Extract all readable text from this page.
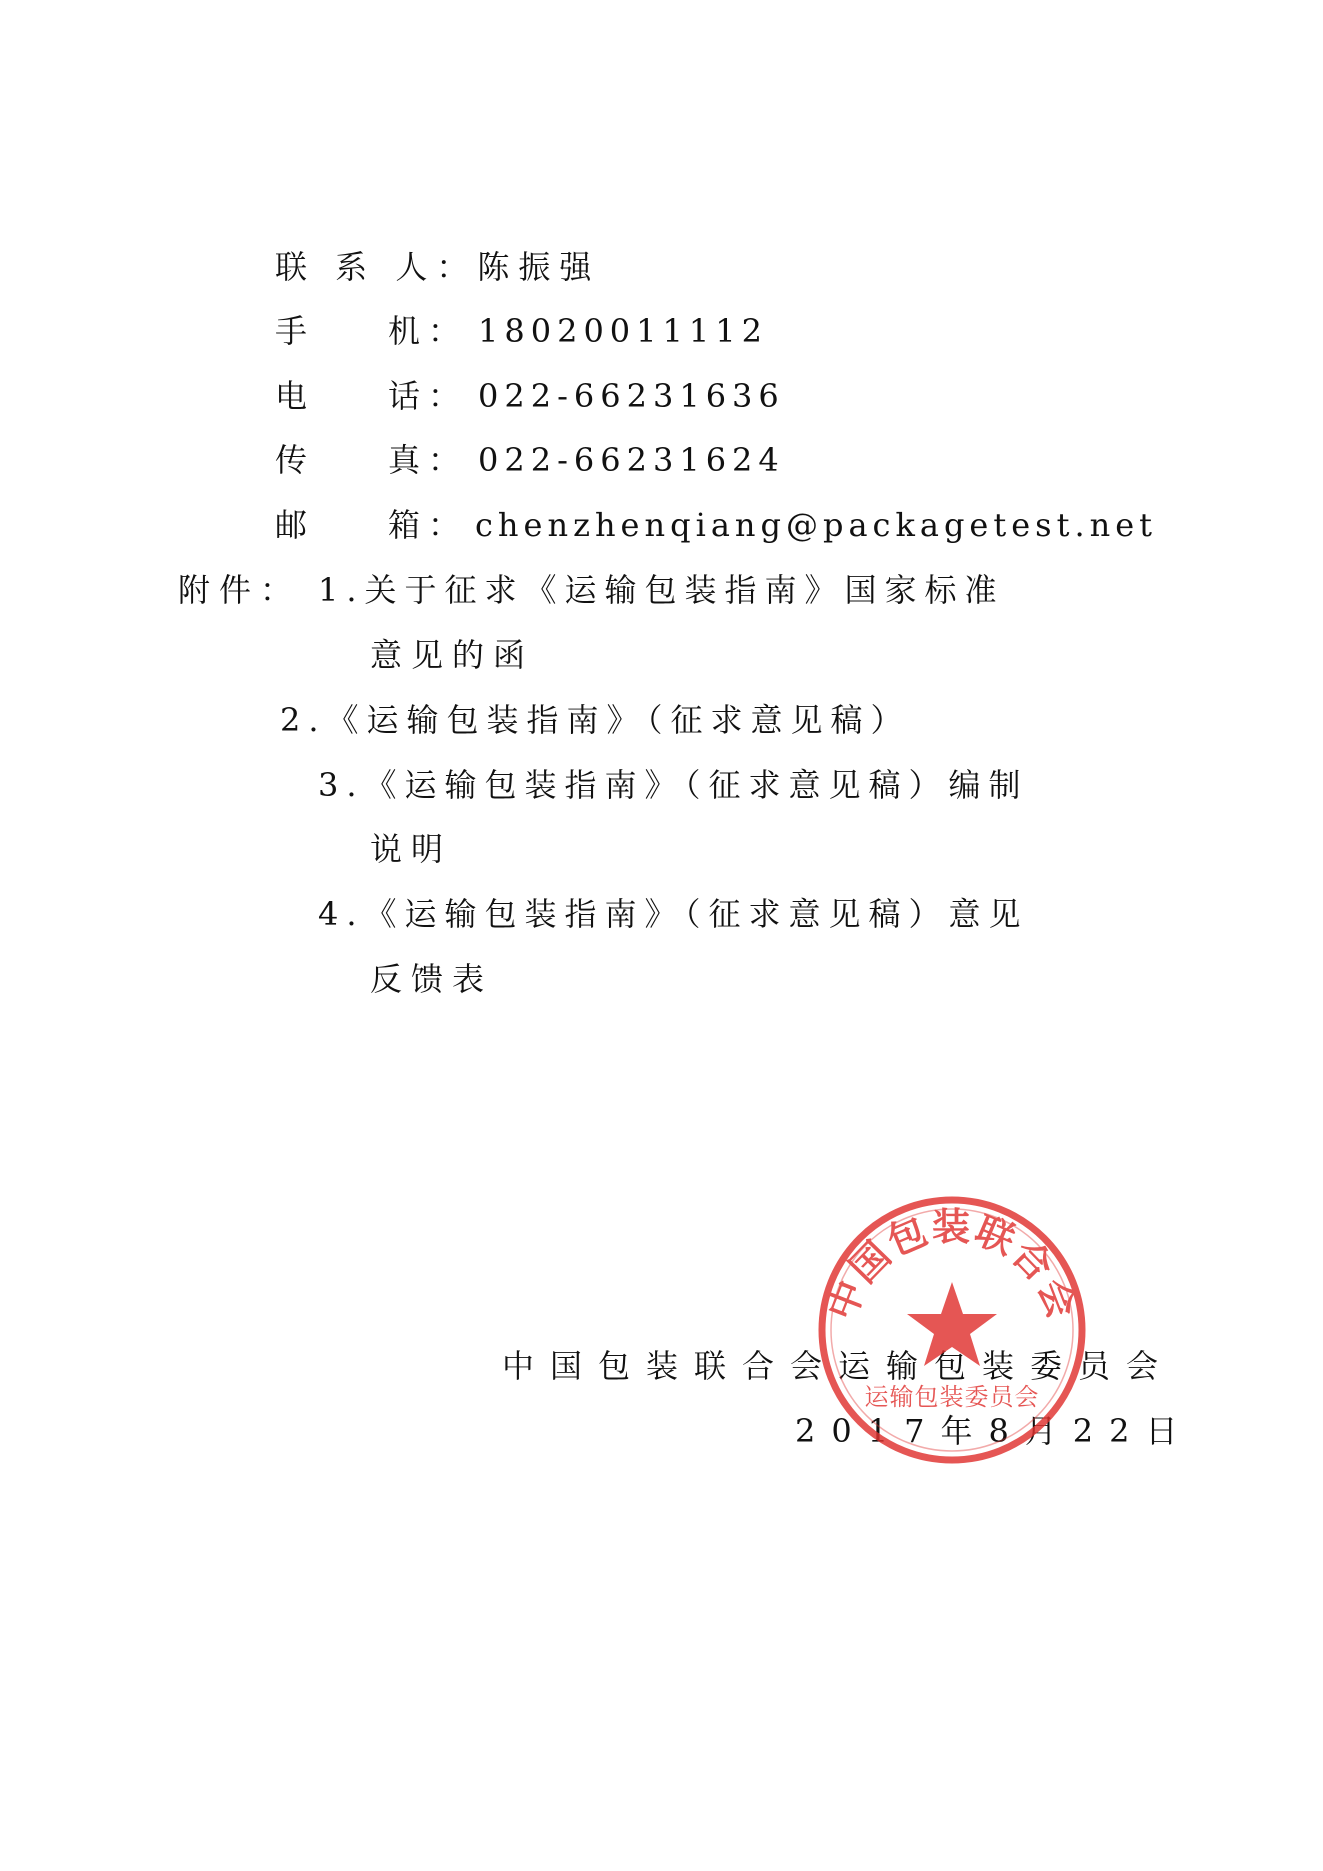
联 系 人：陈振强
手	机： 18020011112
电	话： 022-66231636
传	真： 022-66231624
邮	箱： chenzhenqiang@packagetest.net
附件： 1.关于征求《运输包装指南》国家标准
意见的函
2.《运输包装指南》（征求意见稿）
3.《运输包装指南》（征求意见稿）编制
说明
4.《运输包装指南》（征求意见稿）意见
反馈表
中国包装联合会运输包装委员会
2017年8月22日
中国包装联合会
运输包装委员会
